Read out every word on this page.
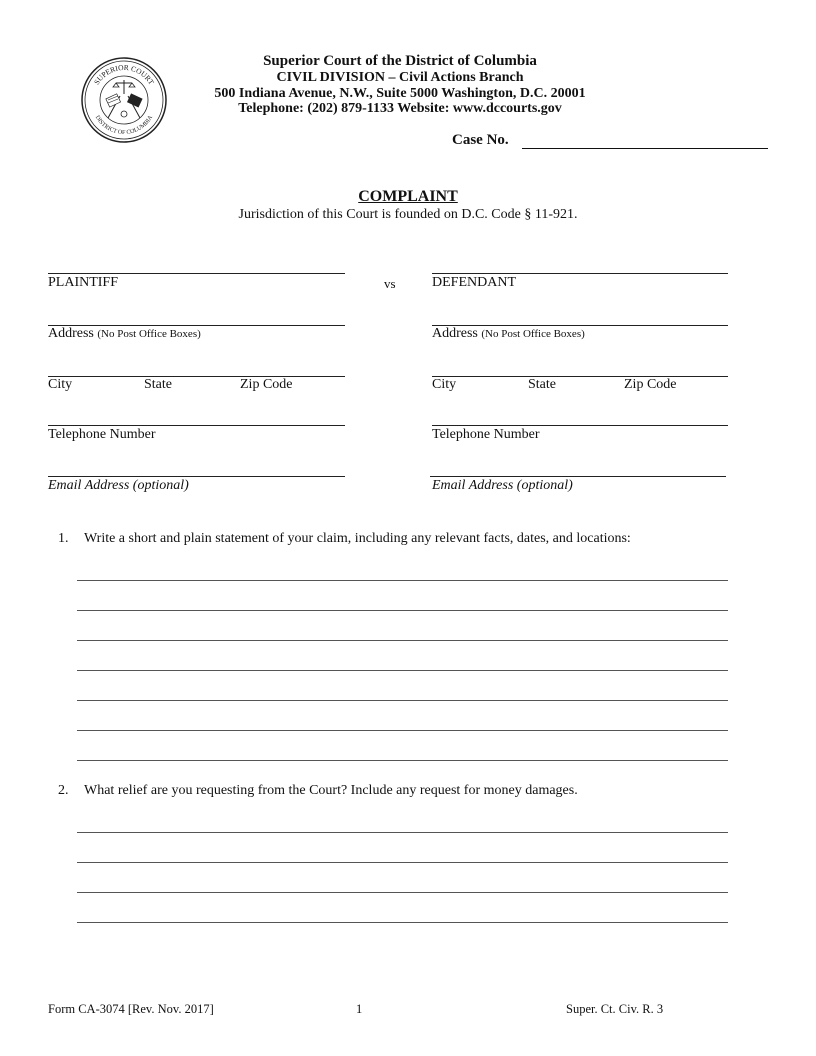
SUPERIOR COURT
DISTRICT OF COLUMBIA
Superior Court of the District of Columbia
CIVIL DIVISION – Civil Actions Branch
500 Indiana Avenue, N.W., Suite 5000 Washington, D.C. 20001
Telephone: (202) 879-1133 Website: www.dccourts.gov
Case No.
COMPLAINT
Jurisdiction of this Court is founded on D.C. Code § 11-921.
PLAINTIFF
Address (No Post Office Boxes)
City	State	Zip Code
Telephone Number
Email Address (optional)
vs	DEFENDANT
Address (No Post Office Boxes)
City	State	Zip Code
Telephone Number
Email Address (optional)
1. Write a short and plain statement of your claim, including any relevant facts, dates, and locations:
2. What relief are you requesting from the Court? Include any request for money damages.
Form CA-3074 [Rev. Nov. 2017]	1	Super. Ct. Civ. R. 3
